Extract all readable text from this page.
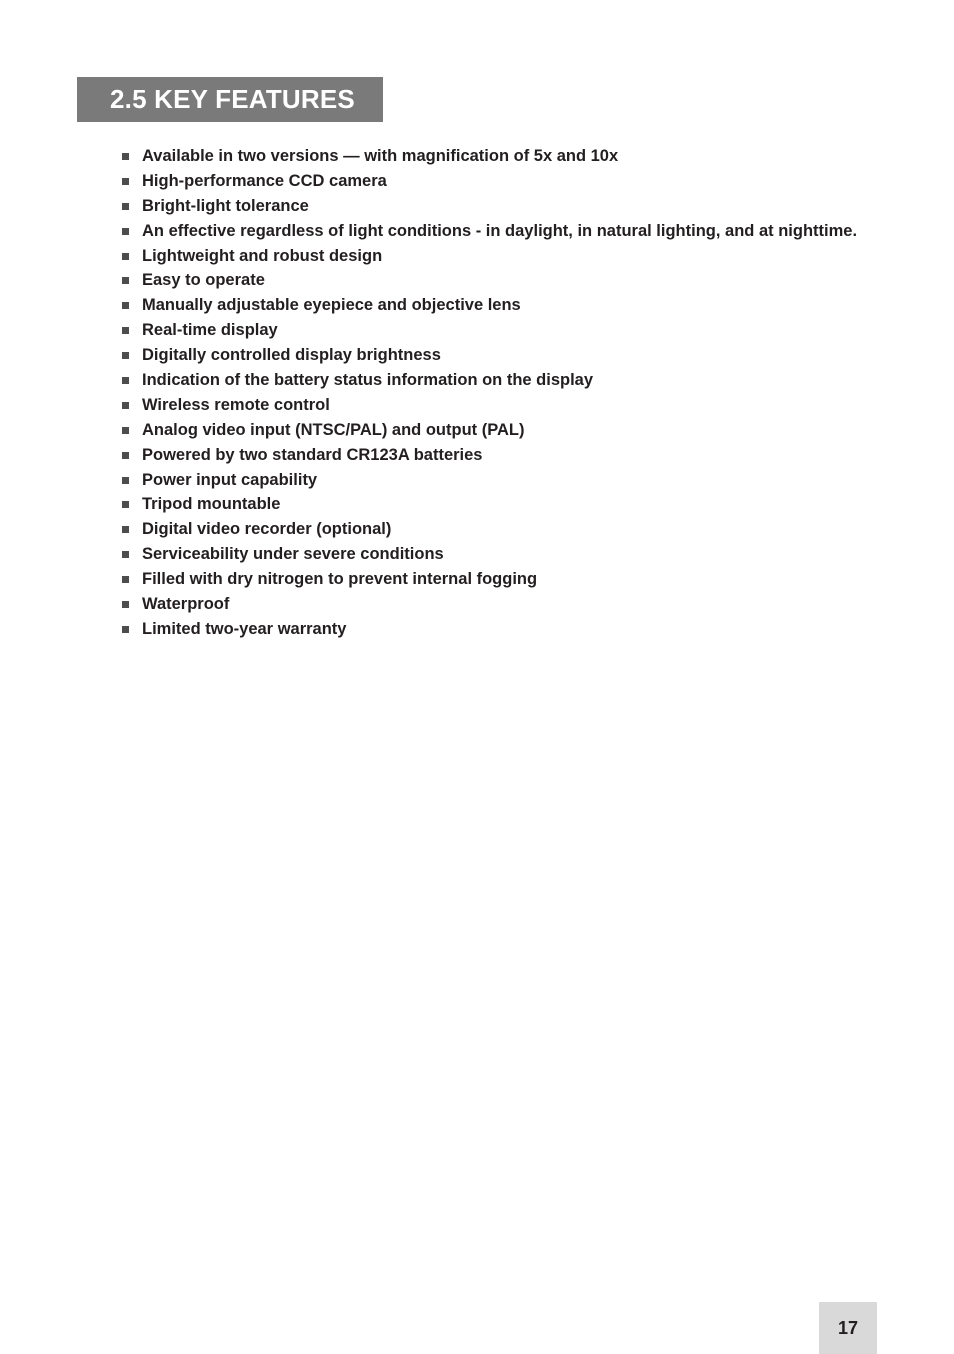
2.5 KEY FEATURES
Available in two versions — with magnification of 5x and 10x
High-performance CCD camera
Bright-light tolerance
An effective regardless of light conditions - in daylight, in natural lighting, and at nighttime.
Lightweight and robust design
Easy to operate
Manually adjustable eyepiece and objective lens
Real-time display
Digitally controlled display brightness
Indication of the battery status information on the display
Wireless remote control
Analog video input (NTSC/PAL) and output (PAL)
Powered by two standard CR123A batteries
Power input capability
Tripod mountable
Digital video recorder (optional)
Serviceability under severe conditions
Filled with dry nitrogen to prevent internal fogging
Waterproof
Limited two-year warranty
17
